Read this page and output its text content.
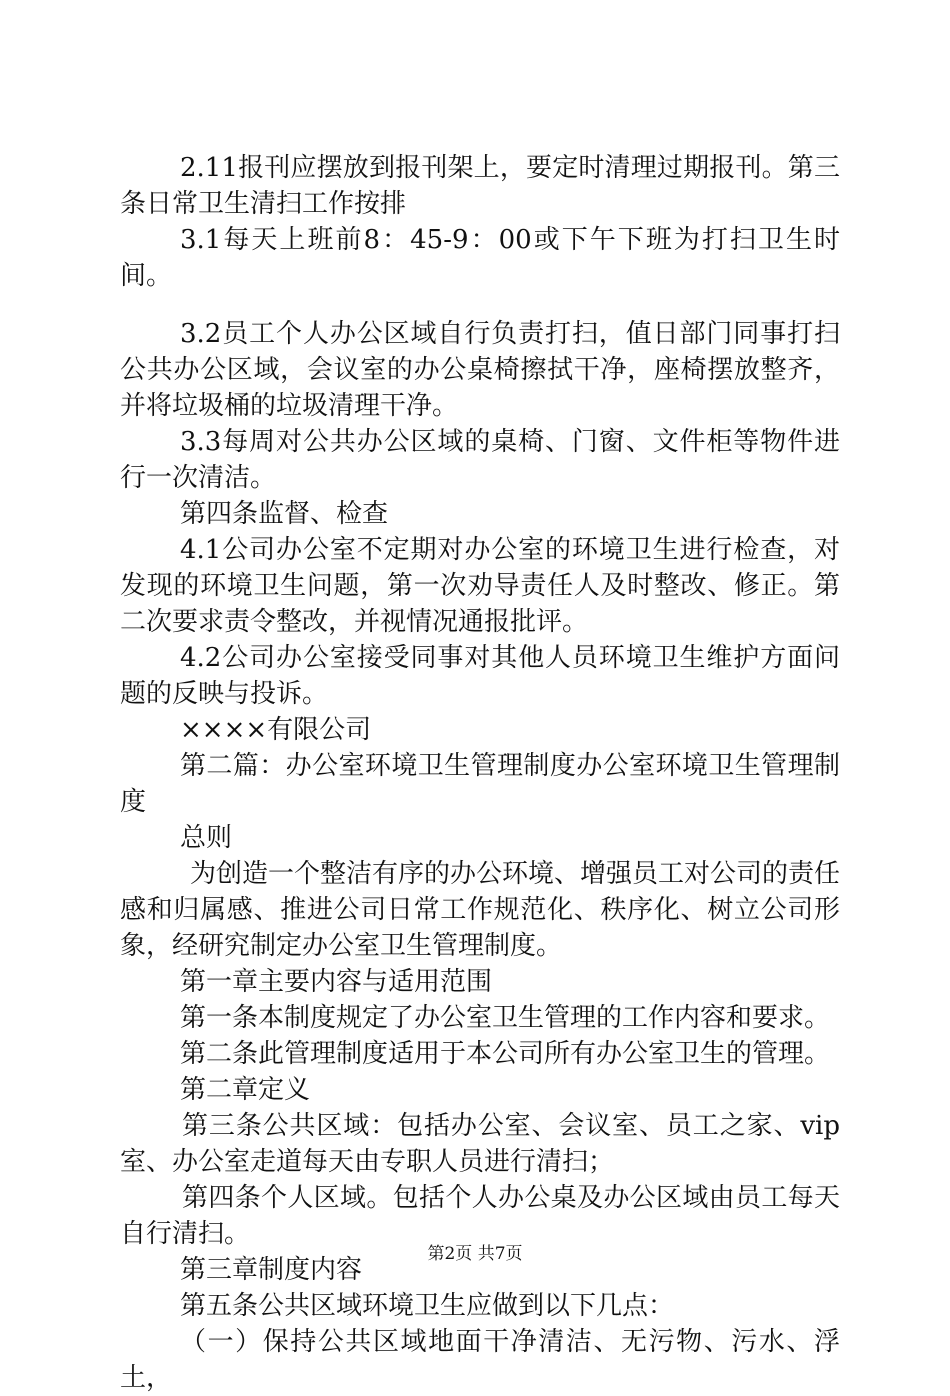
2.11报刊应摆放到报刊架上，要定时清理过期报刊。第三条日常卫生清扫工作按排

3.1每天上班前8：45-9：00或下午下班为打扫卫生时间。

3.2员工个人办公区域自行负责打扫，值日部门同事打扫公共办公区域，会议室的办公桌椅擦拭干净，座椅摆放整齐，并将垃圾桶的垃圾清理干净。

3.3每周对公共办公区域的桌椅、门窗、文件柜等物件进行一次清洁。

第四条监督、检查

4.1公司办公室不定期对办公室的环境卫生进行检查，对发现的环境卫生问题，第一次劝导责任人及时整改、修正。第二次要求责令整改，并视情况通报批评。

4.2公司办公室接受同事对其他人员环境卫生维护方面问题的反映与投诉。

××××有限公司

第二篇：办公室环境卫生管理制度办公室环境卫生管理制度

总则

为创造一个整洁有序的办公环境、增强员工对公司的责任感和归属感、推进公司日常工作规范化、秩序化、树立公司形象，经研究制定办公室卫生管理制度。

第一章主要内容与适用范围

第一条本制度规定了办公室卫生管理的工作内容和要求。

第二条此管理制度适用于本公司所有办公室卫生的管理。

第二章定义

第三条公共区域：包括办公室、会议室、员工之家、vip室、办公室走道每天由专职人员进行清扫；

第四条个人区域。包括个人办公桌及办公区域由员工每天自行清扫。

第三章制度内容

第五条公共区域环境卫生应做到以下几点：

（一）保持公共区域地面干净清洁、无污物、污水、浮土，

第2页 共7页
